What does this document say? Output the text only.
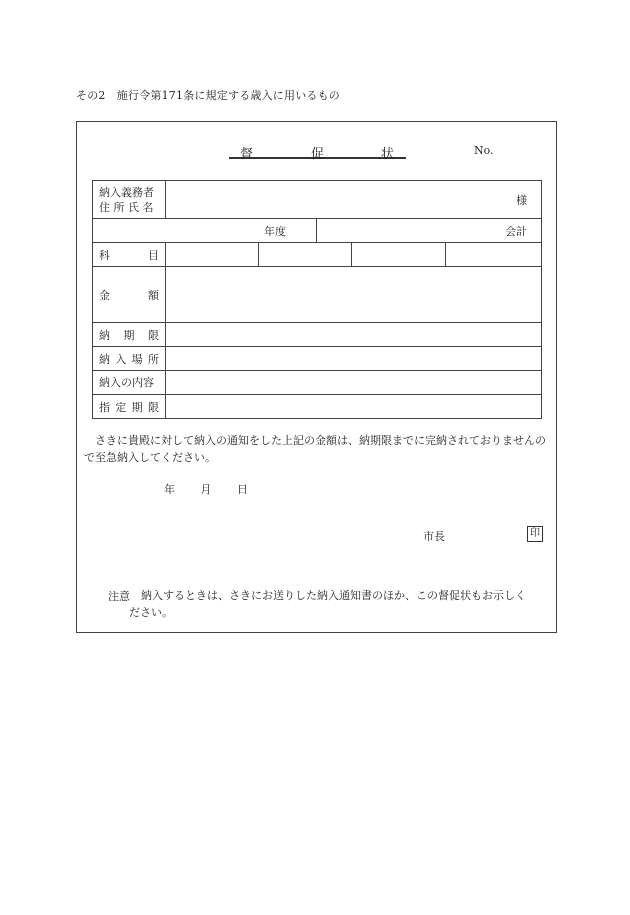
その2　施行令第171条に規定する歳入に用いるもの
督	促	状	No.
納入義務者
住 所 氏 名	様				
年度			会計		

科 目					

金 額					

納 期 限					

納 入 場 所					

納入の内容					

指 定 期 限					

さきに貴殿に対して納入の通知をした上記の金額は、納期限までに完納されておりませんので至急納入してください。
年 月 日
市長	印
注意 納入するときは、さきにお送りした納入通知書のほか、この督促状もお示しく
ださい。
